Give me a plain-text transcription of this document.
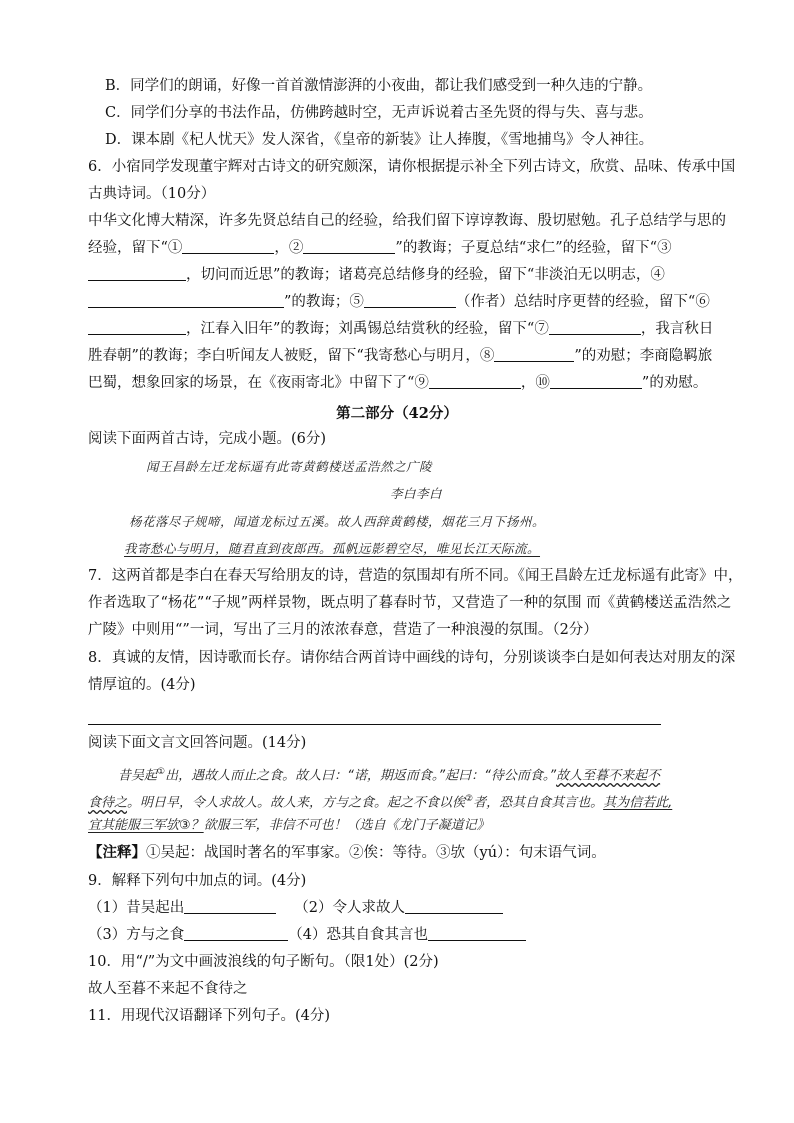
B．同学们的朗诵，好像一首首激情澎湃的小夜曲，都让我们感受到一种久违的宁静。
C．同学们分享的书法作品，仿佛跨越时空，无声诉说着古圣先贤的得与失、喜与悲。
D．课本剧《杞人忧天》发人深省，《皇帝的新装》让人捧腹，《雪地捕鸟》令人神往。
6．小宿同学发现董宇辉对古诗文的研究颇深，请你根据提示补全下列古诗文，欣赏、品味、传承中国
古典诗词。（10分）
中华文化博大精深，许多先贤总结自己的经验，给我们留下谆谆教诲、殷切慰勉。孔子总结学与思的
经验，留下“①	，②	”的教诲；子夏总结“求仁”的经验，留下“③
，切问而近思”的教诲；诸葛亮总结修身的经验，留下“非淡泊无以明志，④
”的教诲；⑤	（作者）总结时序更替的经验，留下“⑥
，江春入旧年”的教诲；刘禹锡总结赏秋的经验，留下“⑦	，我言秋日
胜春朝”的教诲；李白听闻友人被贬，留下“我寄愁心与明月，⑧	”的劝慰；李商隐羁旅
巴蜀，想象回家的场景，在《夜雨寄北》中留下了“⑨	，⑩	”的劝慰。
第二部分（42分）
阅读下面两首古诗，完成小题。(6分)
闻王昌龄左迁龙标遥有此寄黄鹤楼送孟浩然之广陵
李白李白
杨花落尽子规啼，闻道龙标过五溪。故人西辞黄鹤楼，烟花三月下扬州。
我寄愁心与明月，随君直到夜郎西。孤帆远影碧空尽，唯见长江天际流。
7．这两首都是李白在春天写给朋友的诗，营造的氛围却有所不同。《闻王昌龄左迁龙标遥有此寄》中，
作者选取了“杨花”“子规”两样景物，既点明了暮春时节，又营造了一种的氛围 而《黄鹤楼送孟浩然之
广陵》中则用“”一词，写出了三月的浓浓春意，营造了一种浪漫的氛围。（2分）
8．真诚的友情，因诗歌而长存。请你结合两首诗中画线的诗句，分别谈谈李白是如何表达对朋友的深
情厚谊的。(4分)
阅读下面文言文回答问题。(14分)
昔吴起①出，遇故人而止之食。故人曰：“诺，期返而食。”起曰：“待公而食。”故人至暮不来起不
食待之。明日早，令人求故人。故人来，方与之食。起之不食以俟②者，恐其自食其言也。其为信若此,
宜其能服三军欤③？欲服三军，非信不可也！（选自《龙门子凝道记》
【注释】①吴起：战国时著名的军事家。②俟：等待。③欤（yú）：句末语气词。
9．解释下列句中加点的词。(4分)
（1）昔吴起出	（2）令人求故人
（3）方与之食	（4）恐其自食其言也
10．用“/”为文中画波浪线的句子断句。（限1处）(2分)
故人至暮不来起不食待之
11．用现代汉语翻译下列句子。(4分)
